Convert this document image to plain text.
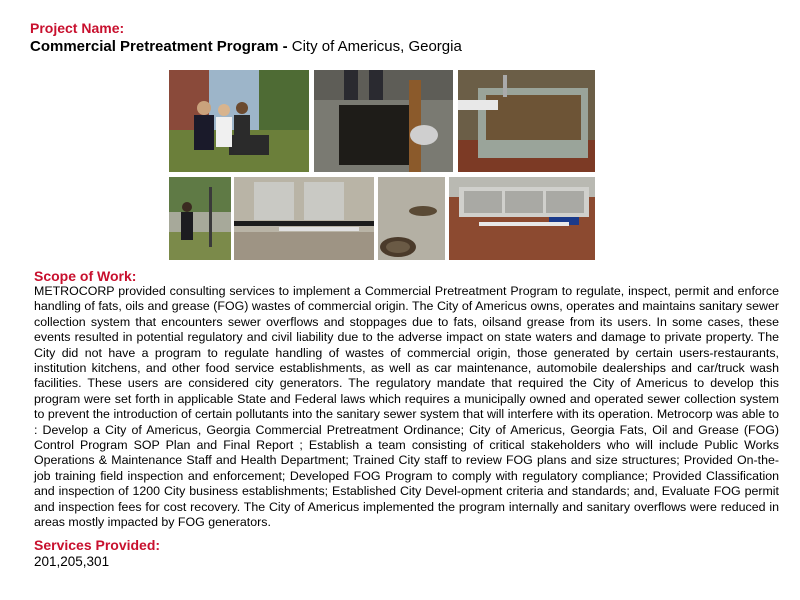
Project Name:
Commercial Pretreatment Program - City of Americus, Georgia
Scope of Work:
METROCORP provided consulting services to implement a Commercial Pretreatment Program to regulate, inspect, permit and enforce handling of fats, oils and grease (FOG) wastes of commercial origin. The City of Americus owns, operates and maintains sanitary sewer collection system that encounters sewer overflows and stoppages due to fats, oilsand grease from its users. In some cases, these events resulted in potential regulatory and civil liability due to the adverse impact on state waters and damage to private property. The City did not have a program to regulate handling of wastes of commercial origin, those generated by certain users-restaurants, institution kitchens, and other food service establishments, as well as car maintenance, automobile dealerships and car/truck wash facilities. These users are considered city generators. The regulatory mandate that required the City of Americus to develop this program were set forth in applicable State and Federal laws which requires a municipally owned and operated sewer collection system to prevent the introduction of certain pollutants into the sanitary sewer system that will interfere with its operation. Metrocorp was able to : Develop a City of Americus, Georgia Commercial Pretreatment Ordinance; City of Americus, Georgia Fats, Oil and Grease (FOG) Control Program SOP Plan and Final Report ; Establish a team consisting of critical stakeholders who will include Public Works Operations & Maintenance Staff and Health Department; Trained City staff to review FOG plans and size structures; Provided On-the-job training field inspection and enforcement; Developed FOG Program to comply with regulatory compliance; Provided Classification and inspection of 1200 City business establishments; Established City Devel-opment criteria and standards; and, Evaluate FOG permit and inspection fees for cost recovery. The City of Americus implemented the program internally and sanitary overflows were reduced in areas mostly impacted by FOG generators.
Services Provided:
201,205,301
